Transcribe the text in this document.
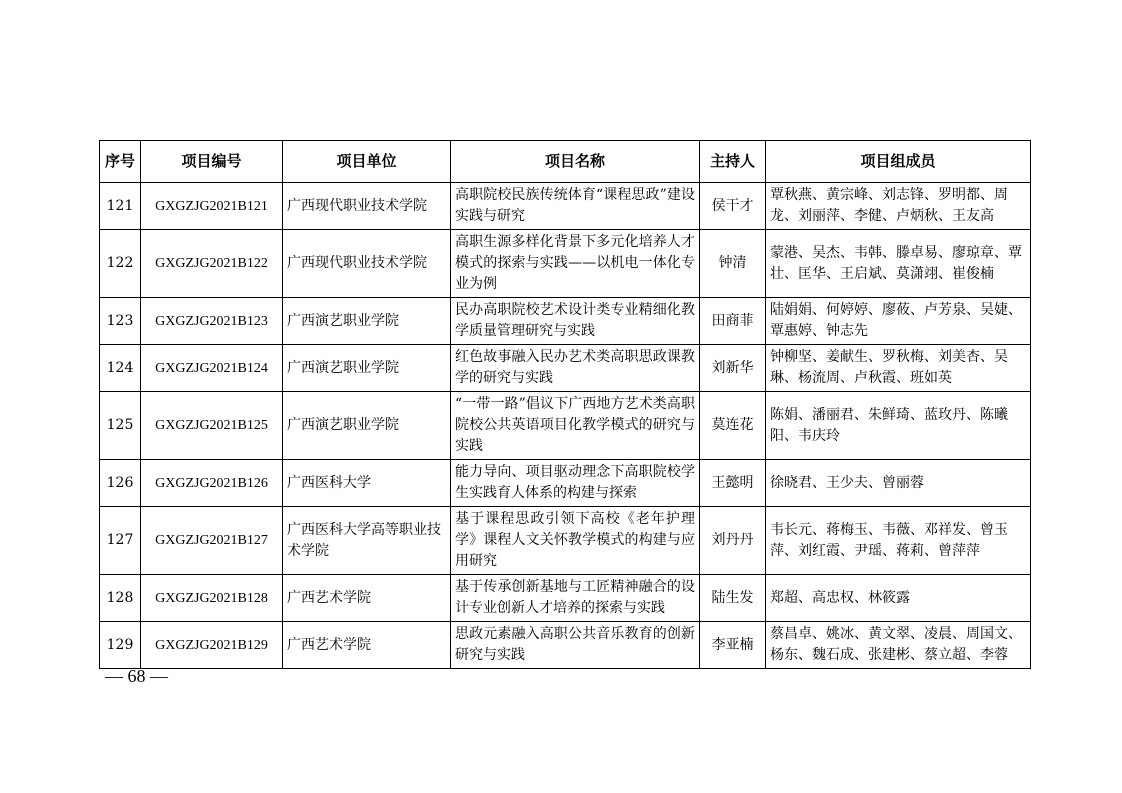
序号	项目编号	项目单位	项目名称	主持人	项目组成员
121	GXGZJG2021B121	广西现代职业技术学院	高职院校民族传统体育“课程思政”建设实践与研究	侯干才	覃秋燕、黄宗峰、刘志锋、罗明都、周龙、刘丽萍、李健、卢炳秋、王友高
122	GXGZJG2021B122	广西现代职业技术学院	高职生源多样化背景下多元化培养人才模式的探索与实践——以机电一体化专业为例	钟清	蒙港、吴杰、韦韩、滕卓易、廖琼章、覃壮、匡华、王启斌、莫潇翊、崔俊楠
123	GXGZJG2021B123	广西演艺职业学院	民办高职院校艺术设计类专业精细化教学质量管理研究与实践	田商菲	陆娟娟、何婷婷、廖莜、卢芳泉、吴婕、覃惠婷、钟志先
124	GXGZJG2021B124	广西演艺职业学院	红色故事融入民办艺术类高职思政课教学的研究与实践	刘新华	钟柳坚、姜献生、罗秋梅、刘美杏、吴琳、杨流周、卢秋霞、班如英
125	GXGZJG2021B125	广西演艺职业学院	“一带一路”倡议下广西地方艺术类高职院校公共英语项目化教学模式的研究与实践	莫连花	陈娟、潘丽君、朱鲜琦、蓝玫丹、陈曦阳、韦庆玲
126	GXGZJG2021B126	广西医科大学	能力导向、项目驱动理念下高职院校学生实践育人体系的构建与探索	王懿明	徐晓君、王少夫、曾丽蓉
127	GXGZJG2021B127	广西医科大学高等职业技术学院	基于课程思政引领下高校《老年护理学》课程人文关怀教学模式的构建与应用研究	刘丹丹	韦长元、蒋梅玉、韦薇、邓祥发、曾玉萍、刘红霞、尹瑶、蒋莉、曾萍萍
128	GXGZJG2021B128	广西艺术学院	基于传承创新基地与工匠精神融合的设计专业创新人才培养的探索与实践	陆生发	郑超、高忠权、林筱露
129	GXGZJG2021B129	广西艺术学院	思政元素融入高职公共音乐教育的创新研究与实践	李亚楠	蔡昌卓、姚冰、黄文翠、凌晨、周国文、杨东、魏石成、张建彬、蔡立超、李蓉
— 68 —
